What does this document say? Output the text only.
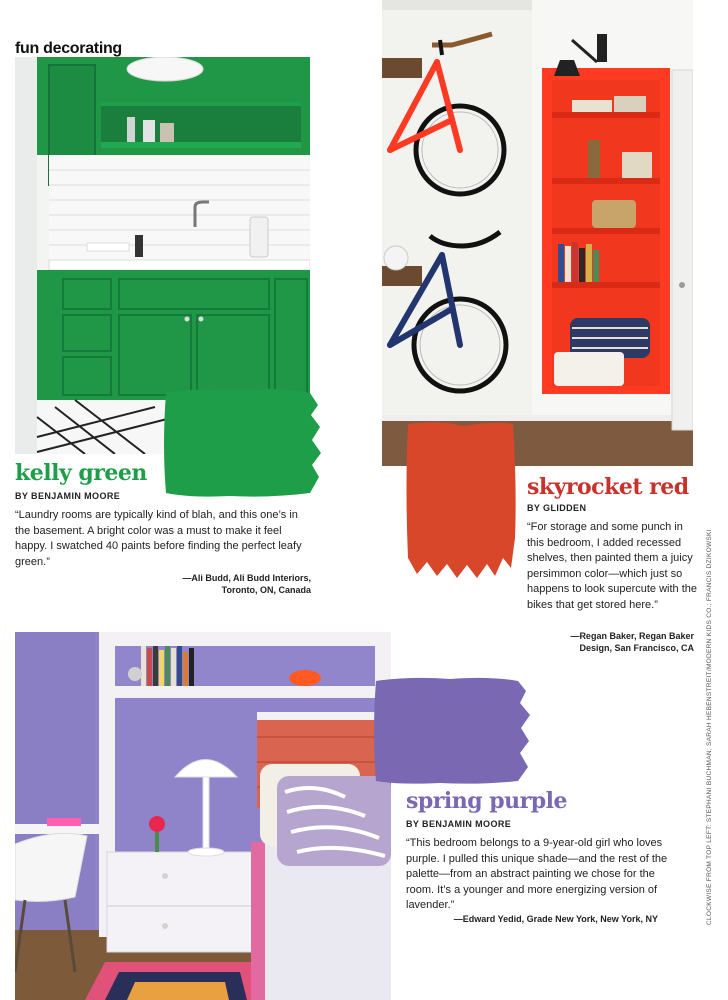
fun decorating
kelly green
BY BENJAMIN MOORE
“Laundry rooms are typically kind of blah, and this one’s in the basement. A bright color was a must to make it feel happy. I swatched 40 paints before finding the perfect leafy green.”
—Ali Budd, Ali Budd Interiors,
Toronto, ON, Canada
skyrocket red
BY GLIDDEN
“For storage and some punch in this bedroom, I added recessed shelves, then painted them a juicy persimmon color—which just so happens to look supercute with the bikes that get stored here.”
—Regan Baker, Regan Baker
Design, San Francisco, CA
spring purple
BY BENJAMIN MOORE
“This bedroom belongs to a 9-year-old girl who loves purple. I pulled this unique shade—and the rest of the palette—from an abstract painting we chose for the room. It’s a younger and more energizing version of lavender.”
—Edward Yedid, Grade New York, New York, NY	CLOCKWISE FROM TOP LEFT: STEPHANI BUCHMAN; SARAH HEBENSTREIT/MODERN KIDS CO.; FRANCIS DZIKOWSKI
